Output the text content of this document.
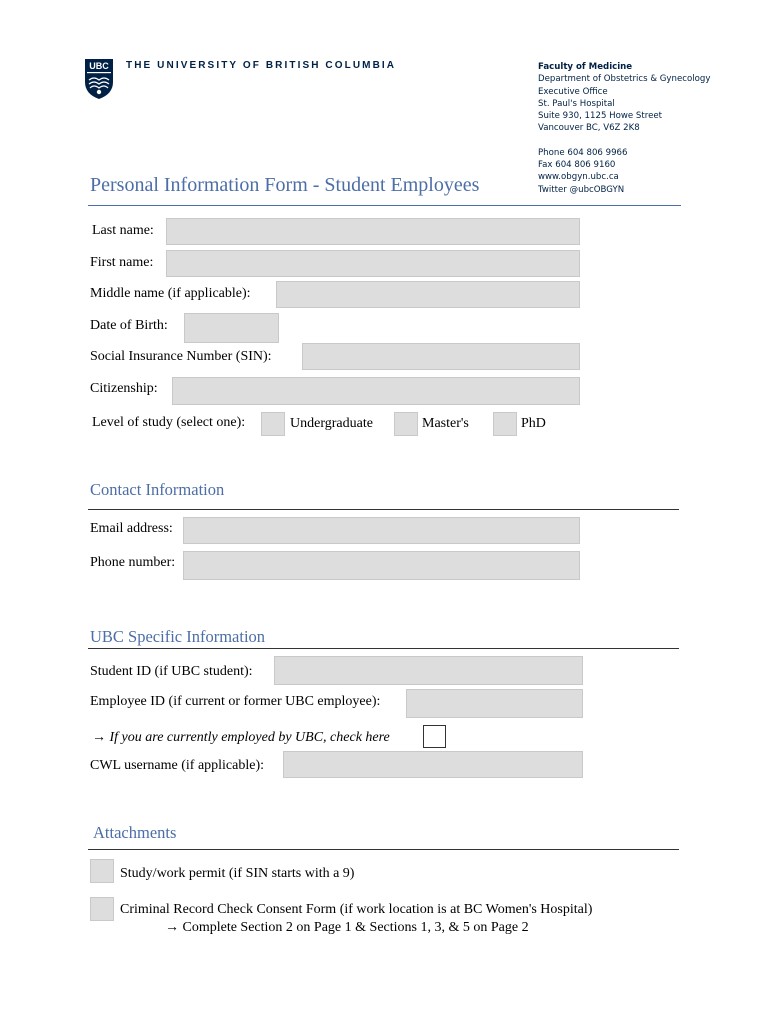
UBC THE UNIVERSITY OF BRITISH COLUMBIA	Faculty of Medicine
Department of Obstetrics & Gynecology
Executive Office
St. Paul's Hospital
Suite 930, 1125 Howe Street
Vancouver BC, V6Z 2K8
Phone 604 806 9966
Fax 604 806 9160
www.obgyn.ubc.ca
Twitter @ubcOBGYN
Personal Information Form - Student Employees
Last name:
First name:
Middle name (if applicable):
Date of Birth:
Social Insurance Number (SIN):
Citizenship:
Level of study (select one):	Undergraduate	Master's	PhD
Contact Information
Email address:
Phone number:
UBC Specific Information
Student ID (if UBC student):
Employee ID (if current or former UBC employee):
→ If you are currently employed by UBC, check here
CWL username (if applicable):
Attachments
Study/work permit (if SIN starts with a 9)
Criminal Record Check Consent Form (if work location is at BC Women's Hospital)
→ Complete Section 2 on Page 1 & Sections 1, 3, & 5 on Page 2
